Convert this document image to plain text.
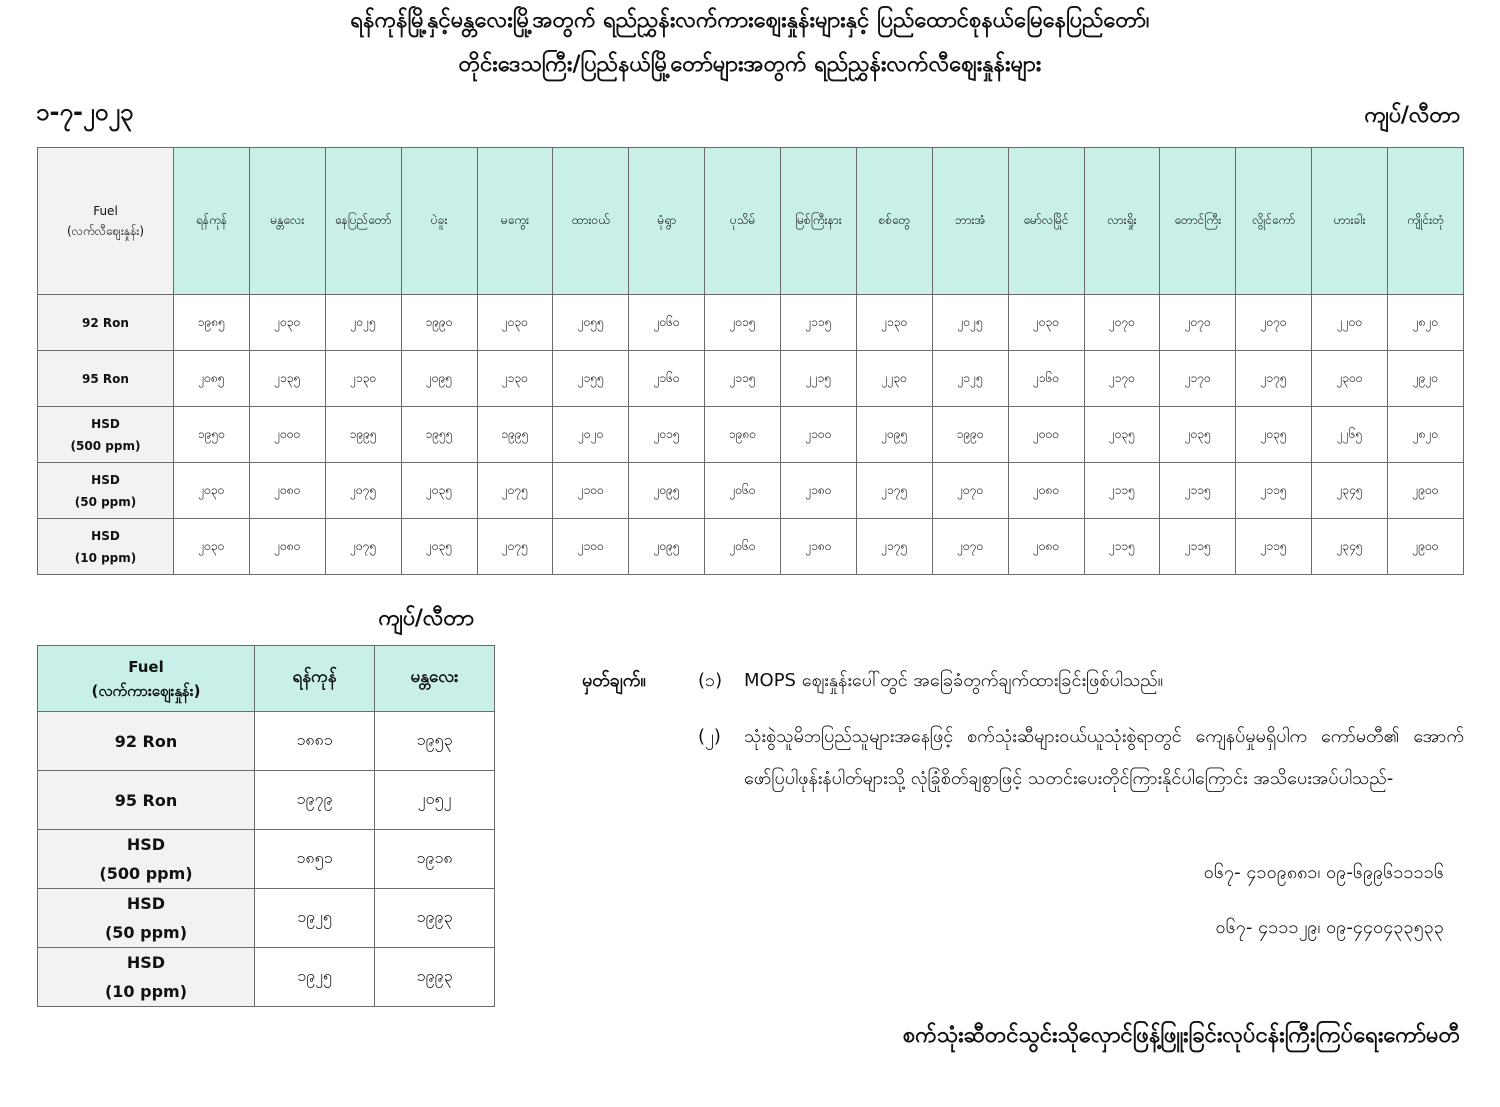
ရန်ကုန်မြို့နှင့်မန္တလေးမြို့အတွက် ရည်ညွှန်းလက်ကားဈေးနှုန်းများနှင့် ပြည်ထောင်စုနယ်မြေနေပြည်တော်၊
တိုင်းဒေသကြီး/ပြည်နယ်မြို့တော်များအတွက် ရည်ညွှန်းလက်လီဈေးနှုန်းများ
၁-၇-၂၀၂၃	ကျပ်/လီတာ
Fuel
(လက်လီဈေးနှုန်း)	ရန်ကုန်	မန္တလေး	နေပြည်တော်	ပဲခူး	မကွေး	ထားဝယ်	မုံရွာ	ပုသိမ်	မြစ်ကြီးနား	စစ်တွေ	ဘားအံ	မော်လမြိုင်	လားရှိုး	တောင်ကြီး	လွိုင်ကော်	ဟားခါး	ကျိုင်းတုံ

92 Ron	၁၉၈၅	၂၀၃၀	၂၀၂၅	၁၉၉၀	၂၀၃၀	၂၀၅၅	၂၀၆၀	၂၀၁၅	၂၁၁၅	၂၁၃၀	၂၀၂၅	၂၀၃၀	၂၀၇၀	၂၀၇၀	၂၀၇၀	၂၂၀၀	၂၈၂၀

95 Ron	၂၀၈၅	၂၁၃၅	၂၁၃၀	၂၀၉၅	၂၁၃၀	၂၁၅၅	၂၁၆၀	၂၁၁၅	၂၂၁၅	၂၂၃၀	၂၁၂၅	၂၁၆၀	၂၁၇၀	၂၁၇၀	၂၁၇၅	၂၃၀၀	၂၉၂၀

HSD
(500 ppm)	၁၉၅၀	၂၀၀၀	၁၉၉၅	၁၉၅၅	၁၉၉၅	၂၀၂၀	၂၀၁၅	၁၉၈၀	၂၁၀၀	၂၀၉၅	၁၉၉၀	၂၀၀၀	၂၀၃၅	၂၀၃၅	၂၀၃၅	၂၂၆၅	၂၈၂၀

HSD
(50 ppm)	၂၀၃၀	၂၀၈၀	၂၀၇၅	၂၀၃၅	၂၀၇၅	၂၁၀၀	၂၀၉၅	၂၀၆၀	၂၁၈၀	၂၁၇၅	၂၀၇၀	၂၀၈၀	၂၁၁၅	၂၁၁၅	၂၁၁၅	၂၃၄၅	၂၉၀၀

HSD
(10 ppm)	၂၀၃၀	၂၀၈၀	၂၀၇၅	၂၀၃၅	၂၀၇၅	၂၁၀၀	၂၀၉၅	၂၀၆၀	၂၁၈၀	၂၁၇၅	၂၀၇၀	၂၀၈၀	၂၁၁၅	၂၁၁၅	၂၁၁၅	၂၃၄၅	၂၉၀၀
ကျပ်/လီတာ
Fuel
(လက်ကားဈေးနှုန်း)	ရန်ကုန်	မန္တလေး

92 Ron	၁၈၈၁	၁၉၅၃

95 Ron	၁၉၇၉	၂၀၅၂

HSD
(500 ppm)	၁၈၅၁	၁၉၁၈

HSD
(50 ppm)	၁၉၂၅	၁၉၉၃

HSD
(10 ppm)	၁၉၂၅	၁၉၉၃
မှတ်ချက်။	(၁) MOPS ဈေးနှုန်းပေါ်တွင် အခြေခံတွက်ချက်ထားခြင်းဖြစ်ပါသည်။
(၂) သုံးစွဲသူမိဘပြည်သူများအနေဖြင့် စက်သုံးဆီများဝယ်ယူသုံးစွဲရာတွင် ကျေနပ်မှုမရှိပါက ကော်မတီ၏ အောက်ဖော်ပြပါဖုန်းနံပါတ်များသို့ လုံခြုံစိတ်ချစွာဖြင့် သတင်းပေးတိုင်ကြားနိုင်ပါကြောင်း အသိပေးအပ်ပါသည်-
၀၆၇- ၄၁၀၉၈၈၁၊ ၀၉-၆၉၉၆၁၁၁၁၆
၀၆၇- ၄၁၁၁၂၉၊ ၀၉-၄၄၀၄၃၃၅၃၃
စက်သုံးဆီတင်သွင်းသိုလှောင်ဖြန့်ဖြူးခြင်းလုပ်ငန်းကြီးကြပ်ရေးကော်မတီ
